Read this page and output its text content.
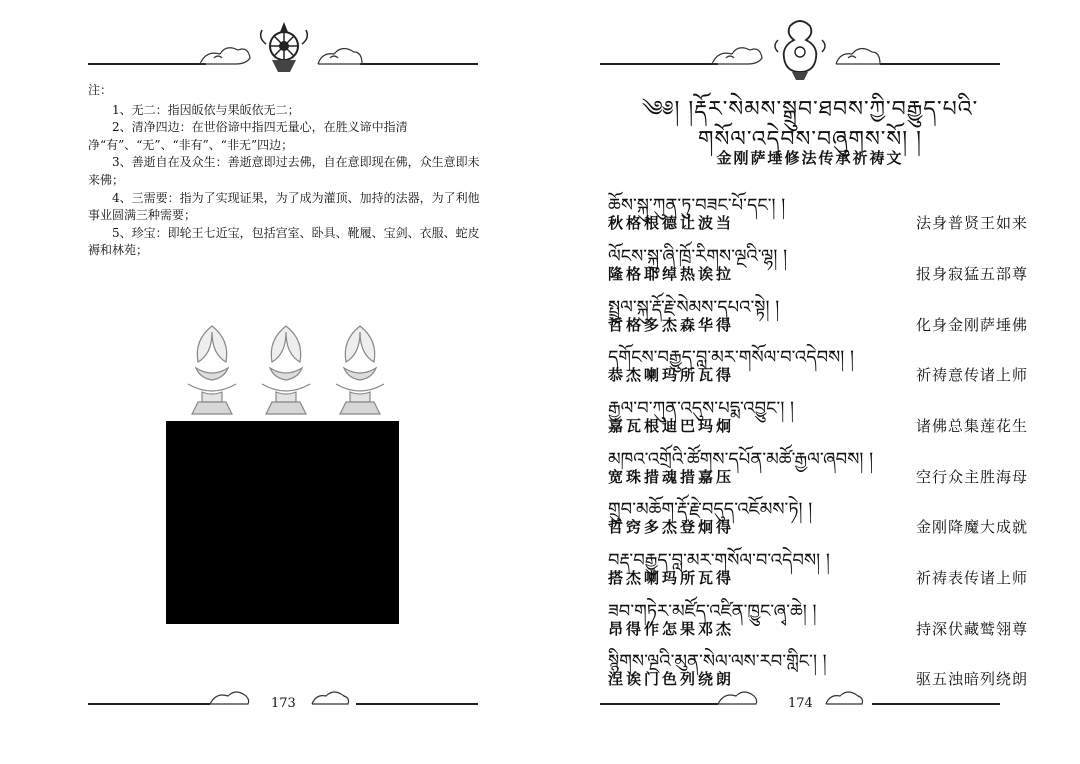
注：

1、无二：指因皈依与果皈依无二；

2、清净四边：在世俗谛中指四无量心，在胜义谛中指清净“有”、“无”、“非有”、“非无”四边；

3、善逝自在及众生：善逝意即过去佛，自在意即现在佛，众生意即未来佛；

4、三需要：指为了实现证果，为了成为灌顶、加持的法器，为了利他事业圆满三种需要；

5、珍宝：即轮王七近宝，包括宫室、卧具、靴履、宝剑、衣服、蛇皮褥和林苑；

173
༄༅། །རྡོར་སེམས་སྒྲུབ་ཐབས་ཀྱི་བརྒྱུད་པའི་
གསོལ་འདེབས་བཞུགས་སོ། །
金刚萨埵修法传承祈祷文
ཆོས་སྐུ་ཀུན་ཏུ་བཟང་པོ་དང་། །
秋格根德让波当	法身普贤王如来
ལོངས་སྐུ་ཞི་ཁྲོ་རིགས་ལྔའི་ལྷ། །
隆格耶绰热诶拉	报身寂猛五部尊
སྤྲུལ་སྐུ་རྡོ་རྗེ་སེམས་དཔའ་སྟེ། །
哲格多杰森华得	化身金刚萨埵佛
དགོངས་བརྒྱུད་བླ་མར་གསོལ་བ་འདེབས། །
恭杰喇玛所瓦得	祈祷意传诸上师
རྒྱལ་བ་ཀུན་འདུས་པདྨ་འབྱུང་། །
嘉瓦根迪巴玛炯	诸佛总集莲花生
མཁའ་འགྲོའི་ཚོགས་དཔོན་མཚོ་རྒྱལ་ཞབས། །
宽珠措魂措嘉压	空行众主胜海母
གྲུབ་མཆོག་རྡོ་རྗེ་བདུད་འཇོམས་ཏེ། །
哲窍多杰登炯得	金刚降魔大成就
བརྡ་བརྒྱུད་བླ་མར་གསོལ་བ་འདེབས། །
搭杰喇玛所瓦得	祈祷表传诸上师
ཟབ་གཏེར་མཛོད་འཛིན་ཁྱུང་ཞྭ་ཆེ། །
昂得作怎果邓杰	持深伏藏鹫翎尊
སྙིགས་ལྔའི་མུན་སེལ་ལས་རབ་གླིང་། །
涅诶门色列绕朗	驱五浊暗列绕朗
174
